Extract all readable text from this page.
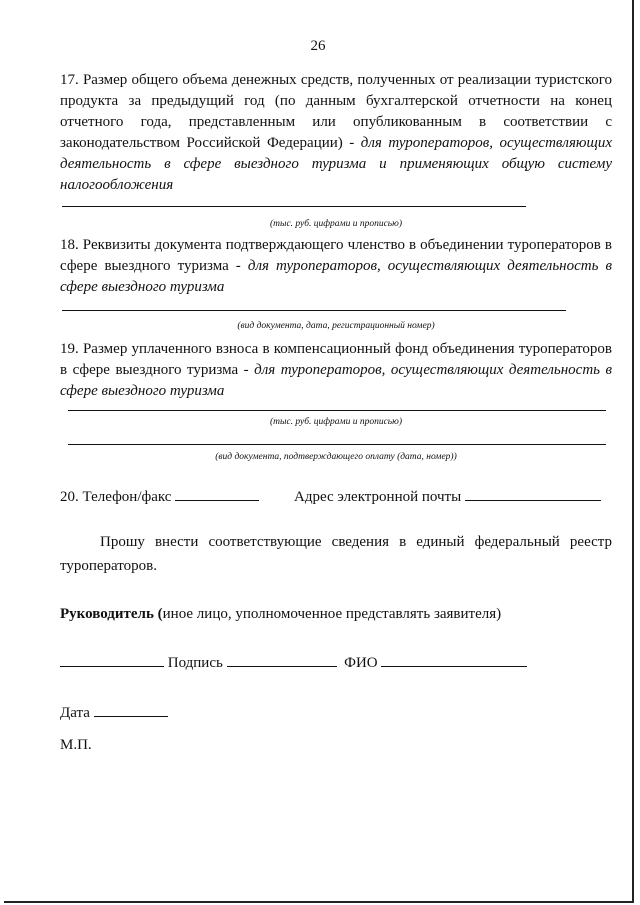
26
17. Размер общего объема денежных средств, полученных от реализации туристского продукта за предыдущий год (по данным бухгалтерской отчетности на конец отчетного года, представленным или опубликованным в соответствии с законодательством Российской Федерации) - для туроператоров, осуществляющих деятельность в сфере выездного туризма и применяющих общую систему налогообложения
(тыс. руб. цифрами и прописью)
18. Реквизиты документа подтверждающего членство в объединении туроператоров в сфере выездного туризма - для туроператоров, осуществляющих деятельность в сфере выездного туризма
(вид документа, дата, регистрационный номер)
19. Размер уплаченного взноса в компенсационный фонд объединения туроператоров в сфере выездного туризма - для туроператоров, осуществляющих деятельность в сфере выездного туризма
(тыс. руб. цифрами и прописью)
(вид документа, подтверждающего оплату (дата, номер))
20. Телефон/факс	Адрес электронной почты
Прошу внести соответствующие сведения в единый федеральный реестр туроператоров.
Руководитель (иное лицо, уполномоченное представлять заявителя)
Подпись	ФИО
Дата
М.П.
